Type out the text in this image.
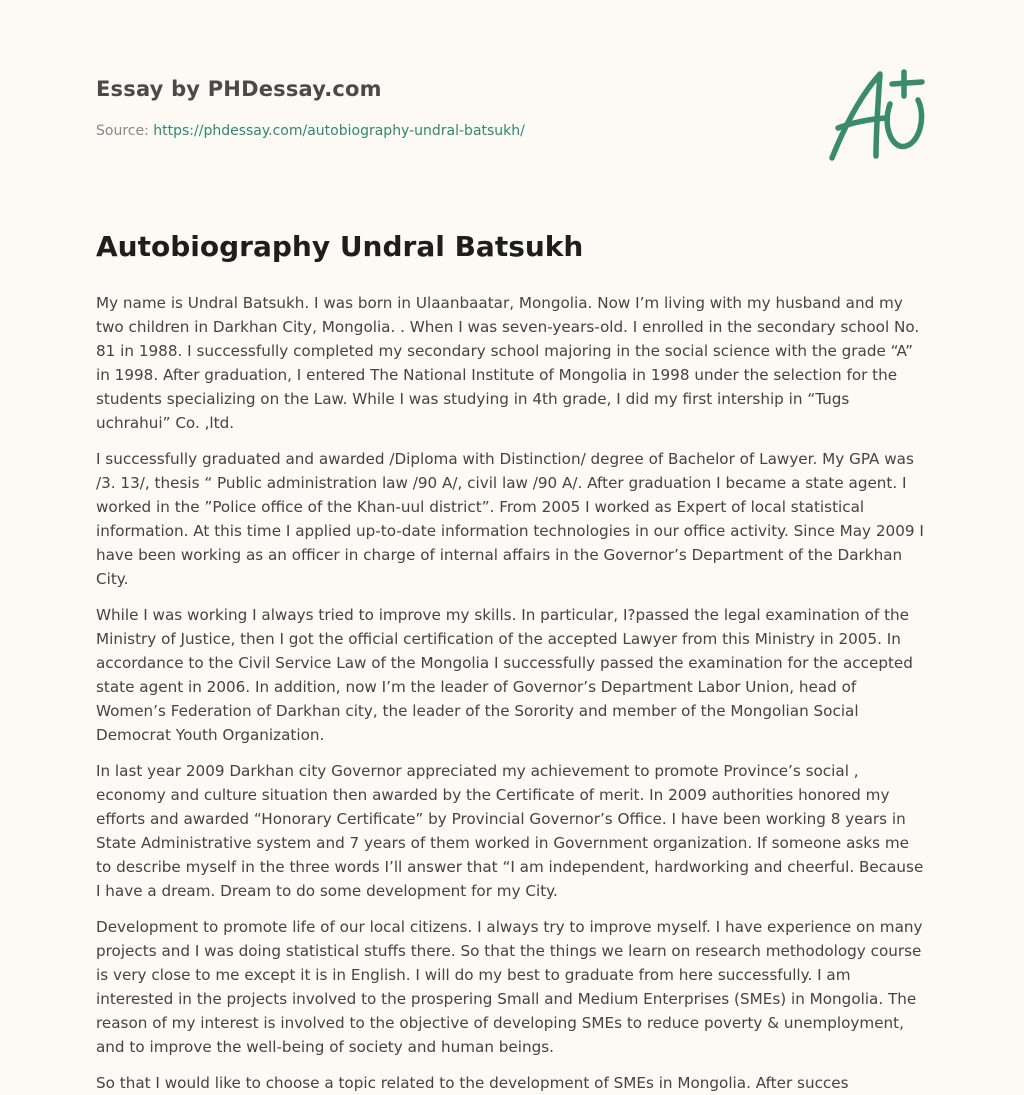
Essay by PHDessay.com

Source: https://phdessay.com/autobiography-undral-batsukh/

Autobiography Undral Batsukh

My name is Undral Batsukh. I was born in Ulaanbaatar, Mongolia. Now I’m living with my husband and my two children in Darkhan City, Mongolia. . When I was seven-years-old. I enrolled in the secondary school No. 81 in 1988. I successfully completed my secondary school majoring in the social science with the grade “A” in 1998. After graduation, I entered The National Institute of Mongolia in 1998 under the selection for the students specializing on the Law. While I was studying in 4th grade, I did my first intership in “Tugs uchrahui” Co. ,ltd.

I successfully graduated and awarded /Diploma with Distinction/ degree of Bachelor of Lawyer. My GPA was /3. 13/, thesis “ Public administration law /90 A/, civil law /90 A/. After graduation I became a state agent. I worked in the ”Police office of the Khan-uul district”. From 2005 I worked as Expert of local statistical information. At this time I applied up-to-date information technologies in our office activity. Since May 2009 I have been working as an officer in charge of internal affairs in the Governor’s Department of the Darkhan City.

While I was working I always tried to improve my skills. In particular, I?passed the legal examination of the Ministry of Justice, then I got the official certification of the accepted Lawyer from this Ministry in 2005. In accordance to the Civil Service Law of the Mongolia I successfully passed the examination for the accepted state agent in 2006. In addition, now I’m the leader of Governor’s Department Labor Union, head of Women’s Federation of Darkhan city, the leader of the Sorority and member of the Mongolian Social Democrat Youth Organization.

In last year 2009 Darkhan city Governor appreciated my achievement to promote Province’s social , economy and culture situation then awarded by the Certificate of merit. In 2009 authorities honored my efforts and awarded “Honorary Certificate” by Provincial Governor’s Office. I have been working 8 years in State Administrative system and 7 years of them worked in Government organization. If someone asks me to describe myself in the three words I’ll answer that “I am independent, hardworking and cheerful. Because I have a dream. Dream to do some development for my City.

Development to promote life of our local citizens. I always try to improve myself. I have experience on many projects and I was doing statistical stuffs there. So that the things we learn on research methodology course is very close to me except it is in English. I will do my best to graduate from here successfully. I am interested in the projects involved to the prospering Small and Medium Enterprises (SMEs) in Mongolia. The reason of my interest is involved to the objective of developing SMEs to reduce poverty & unemployment, and to improve the well-being of society and human beings.

So that I would like to choose a topic related to the development of SMEs in Mongolia. After succes
